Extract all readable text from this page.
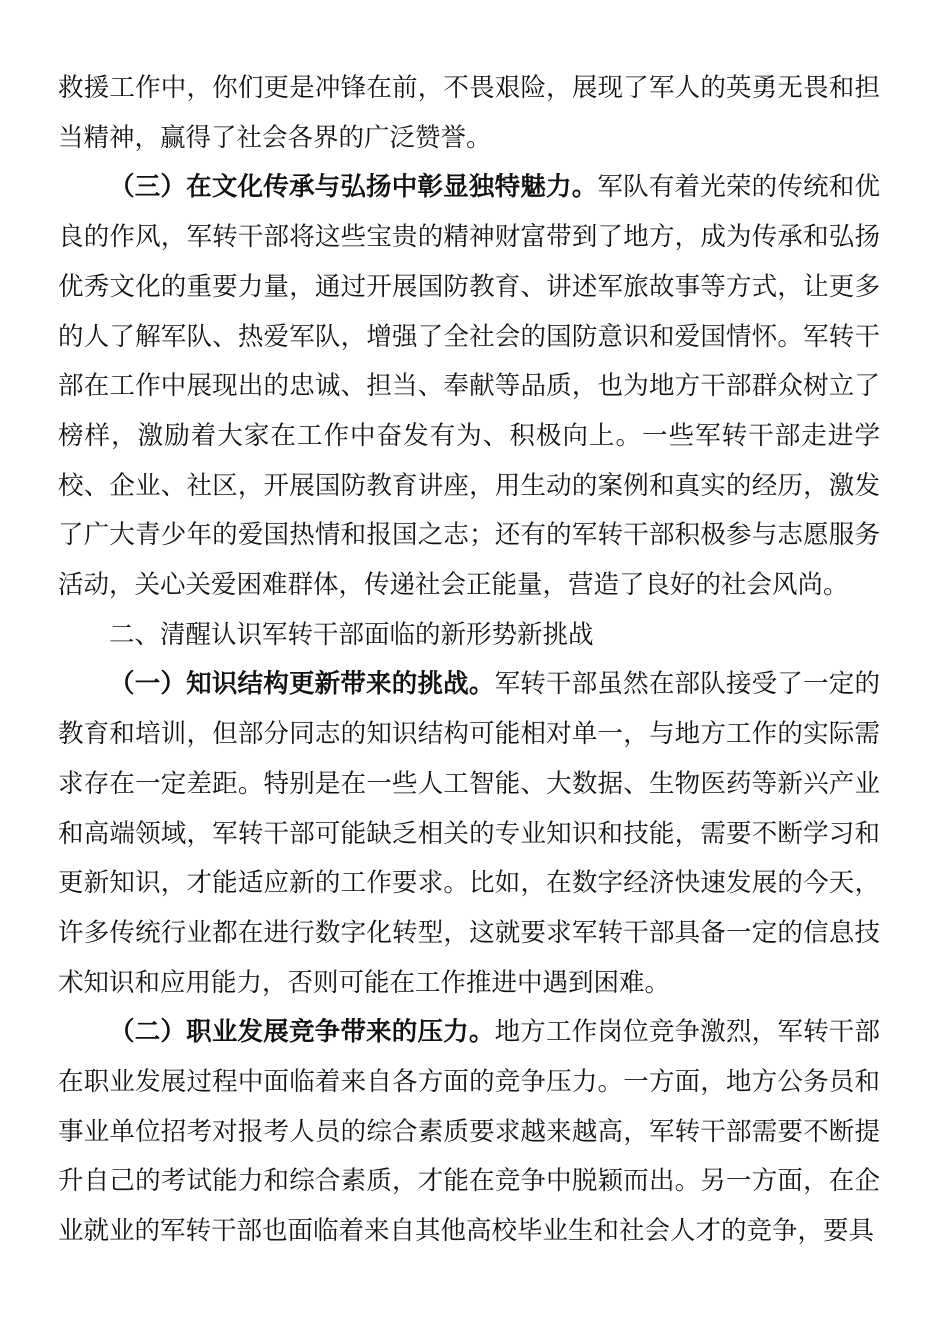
救援工作中，你们更是冲锋在前，不畏艰险，展现了军人的英勇无畏和担当精神，赢得了社会各界的广泛赞誉。

（三）在文化传承与弘扬中彰显独特魅力。军队有着光荣的传统和优良的作风，军转干部将这些宝贵的精神财富带到了地方，成为传承和弘扬优秀文化的重要力量，通过开展国防教育、讲述军旅故事等方式，让更多的人了解军队、热爱军队，增强了全社会的国防意识和爱国情怀。军转干部在工作中展现出的忠诚、担当、奉献等品质，也为地方干部群众树立了榜样，激励着大家在工作中奋发有为、积极向上。一些军转干部走进学校、企业、社区，开展国防教育讲座，用生动的案例和真实的经历，激发了广大青少年的爱国热情和报国之志；还有的军转干部积极参与志愿服务活动，关心关爱困难群体，传递社会正能量，营造了良好的社会风尚。

二、清醒认识军转干部面临的新形势新挑战

（一）知识结构更新带来的挑战。军转干部虽然在部队接受了一定的教育和培训，但部分同志的知识结构可能相对单一，与地方工作的实际需求存在一定差距。特别是在一些人工智能、大数据、生物医药等新兴产业和高端领域，军转干部可能缺乏相关的专业知识和技能，需要不断学习和更新知识，才能适应新的工作要求。比如，在数字经济快速发展的今天，许多传统行业都在进行数字化转型，这就要求军转干部具备一定的信息技术知识和应用能力，否则可能在工作推进中遇到困难。

（二）职业发展竞争带来的压力。地方工作岗位竞争激烈，军转干部在职业发展过程中面临着来自各方面的竞争压力。一方面，地方公务员和事业单位招考对报考人员的综合素质要求越来越高，军转干部需要不断提升自己的考试能力和综合素质，才能在竞争中脱颖而出。另一方面，在企业就业的军转干部也面临着来自其他高校毕业生和社会人才的竞争，要具
